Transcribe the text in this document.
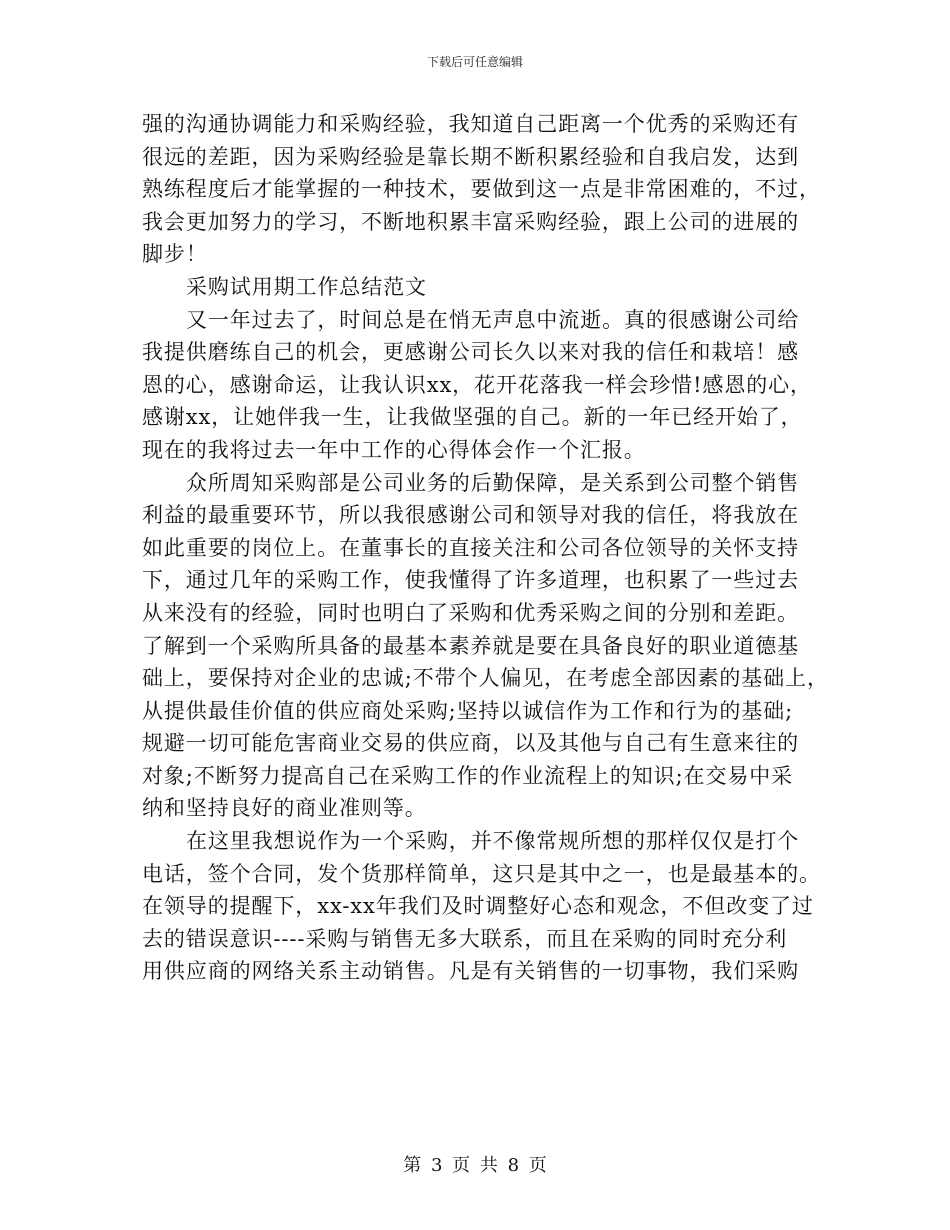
下载后可任意编辑
强的沟通协调能力和采购经验，我知道自己距离一个优秀的采购还有
很远的差距，因为采购经验是靠长期不断积累经验和自我启发，达到
熟练程度后才能掌握的一种技术，要做到这一点是非常困难的，不过，
我会更加努力的学习，不断地积累丰富采购经验，跟上公司的进展的
脚步！
采购试用期工作总结范文
又一年过去了，时间总是在悄无声息中流逝。真的很感谢公司给
我提供磨练自己的机会，更感谢公司长久以来对我的信任和栽培！感
恩的心，感谢命运，让我认识xx，花开花落我一样会珍惜!感恩的心，
感谢xx，让她伴我一生，让我做坚强的自己。新的一年已经开始了，
现在的我将过去一年中工作的心得体会作一个汇报。
众所周知采购部是公司业务的后勤保障，是关系到公司整个销售
利益的最重要环节，所以我很感谢公司和领导对我的信任，将我放在
如此重要的岗位上。在董事长的直接关注和公司各位领导的关怀支持
下，通过几年的采购工作，使我懂得了许多道理，也积累了一些过去
从来没有的经验，同时也明白了采购和优秀采购之间的分别和差距。
了解到一个采购所具备的最基本素养就是要在具备良好的职业道德基
础上，要保持对企业的忠诚;不带个人偏见，在考虑全部因素的基础上，
从提供最佳价值的供应商处采购;坚持以诚信作为工作和行为的基础;
规避一切可能危害商业交易的供应商，以及其他与自己有生意来往的
对象;不断努力提高自己在采购工作的作业流程上的知识;在交易中采
纳和坚持良好的商业准则等。
在这里我想说作为一个采购，并不像常规所想的那样仅仅是打个
电话，签个合同，发个货那样简单，这只是其中之一，也是最基本的。
在领导的提醒下，xx-xx年我们及时调整好心态和观念，不但改变了过
去的错误意识----采购与销售无多大联系，而且在采购的同时充分利
用供应商的网络关系主动销售。凡是有关销售的一切事物，我们采购
第 3 页 共 8 页
